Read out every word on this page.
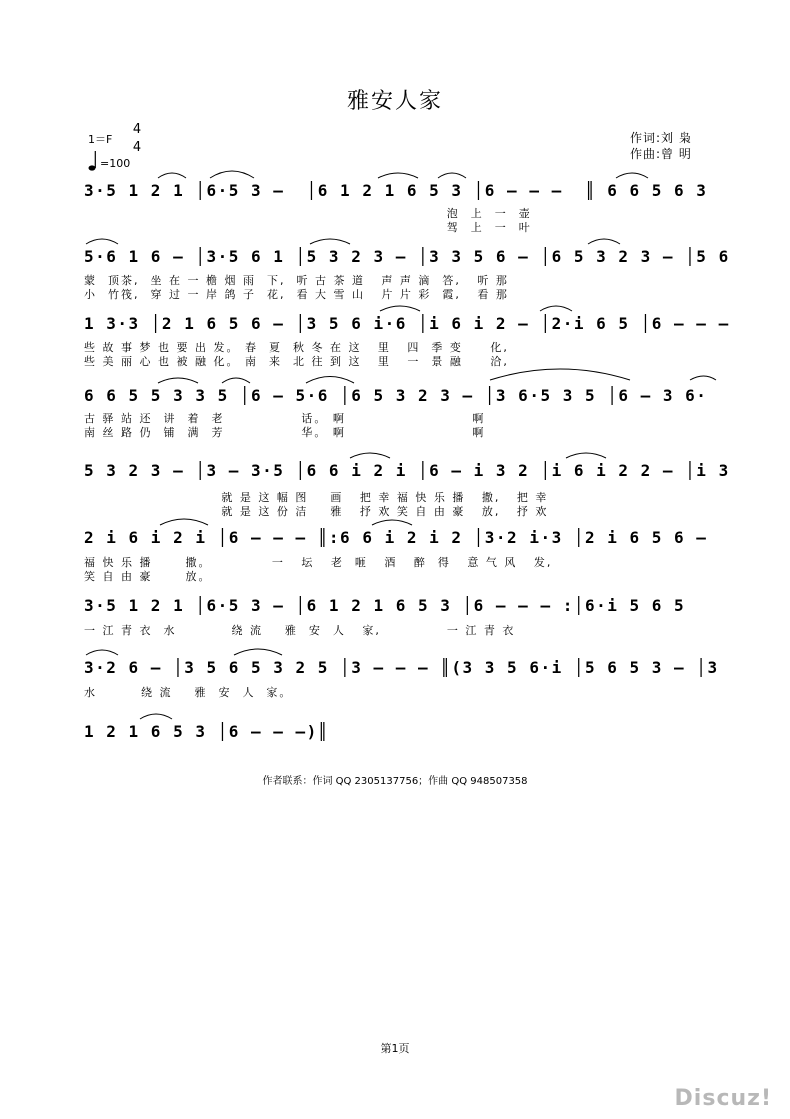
雅安人家
1＝F
4
4
=100
作词:刘 枭
作曲:曾 明
3·5 1 2 1 │6·5 3 –  │6 1 2 1 6 5 3 │6 – – –  ║ 6 6 5 6 3
泡  上  一  壶
驾  上  一  叶
5·6 1 6 – │3·5 6 1 │5 3 2 3 – │3 3 5 6 – │6 5 3 2 3 – │5 6
蒙  顶茶,  坐 在 一 檐 烟 雨  下,  听 古 茶 道   声 声 滴  答,   听 那
小  竹筏,  穿 过 一 岸 鸽 子  花,  看 大 雪 山   片 片 彩  霞,   看 那
1 3·3 │2 1 6 5 6 – │3 5 6 i·6 │i 6 i 2 – │2·i 6 5 │6 – – –
些 故 事 梦 也 要 出 发。 春  夏  秋 冬 在 这   里   四  季 变     化,
些 美 丽 心 也 被 融 化。 南  来  北 往 到 这   里   一  景 融     洽,
6 6 5 5 3 3 5 │6 – 5·6 │6 5 3 2 3 – │3 6·5 3 5 │6 – 3 6·
古 驿 站 还  讲  着  老              话。 啊                       啊
南 丝 路 仍  铺  满  芳              华。 啊                       啊
5 3 2 3 – │3 – 3·5 │6 6 i 2 i │6 – i 3 2 │i 6 i 2 2 – │i 3
就 是 这 幅 图    画   把 幸 福 快 乐 播   撒,   把 幸
就 是 这 份 洁    雅   抒 欢 笑 自 由 豪   放,   抒 欢
2 i 6 i 2 i │6 – – – ║:6 6 i 2 i 2 │3·2 i·3 │2 i 6 5 6 –
福 快 乐 播      撒。           一   坛   老  咂   酒   醉  得   意 气 风   发,
笑 自 由 豪      放。
3·5 1 2 1 │6·5 3 – │6 1 2 1 6 5 3 │6 – – – :│6·i 5 6 5
一 江 青 衣  水          绕 流    雅  安  人   家,            一 江 青 衣
3·2 6 – │3 5 6 5 3 2 5 │3 – – – ║(3 3 5 6·i │5 6 5 3 – │3
水        绕 流    雅  安  人  家。
1 2 1 6 5 3 │6 – – –)║
作者联系：作词 QQ 2305137756；作曲 QQ 948507358
第1页
Discuz!
